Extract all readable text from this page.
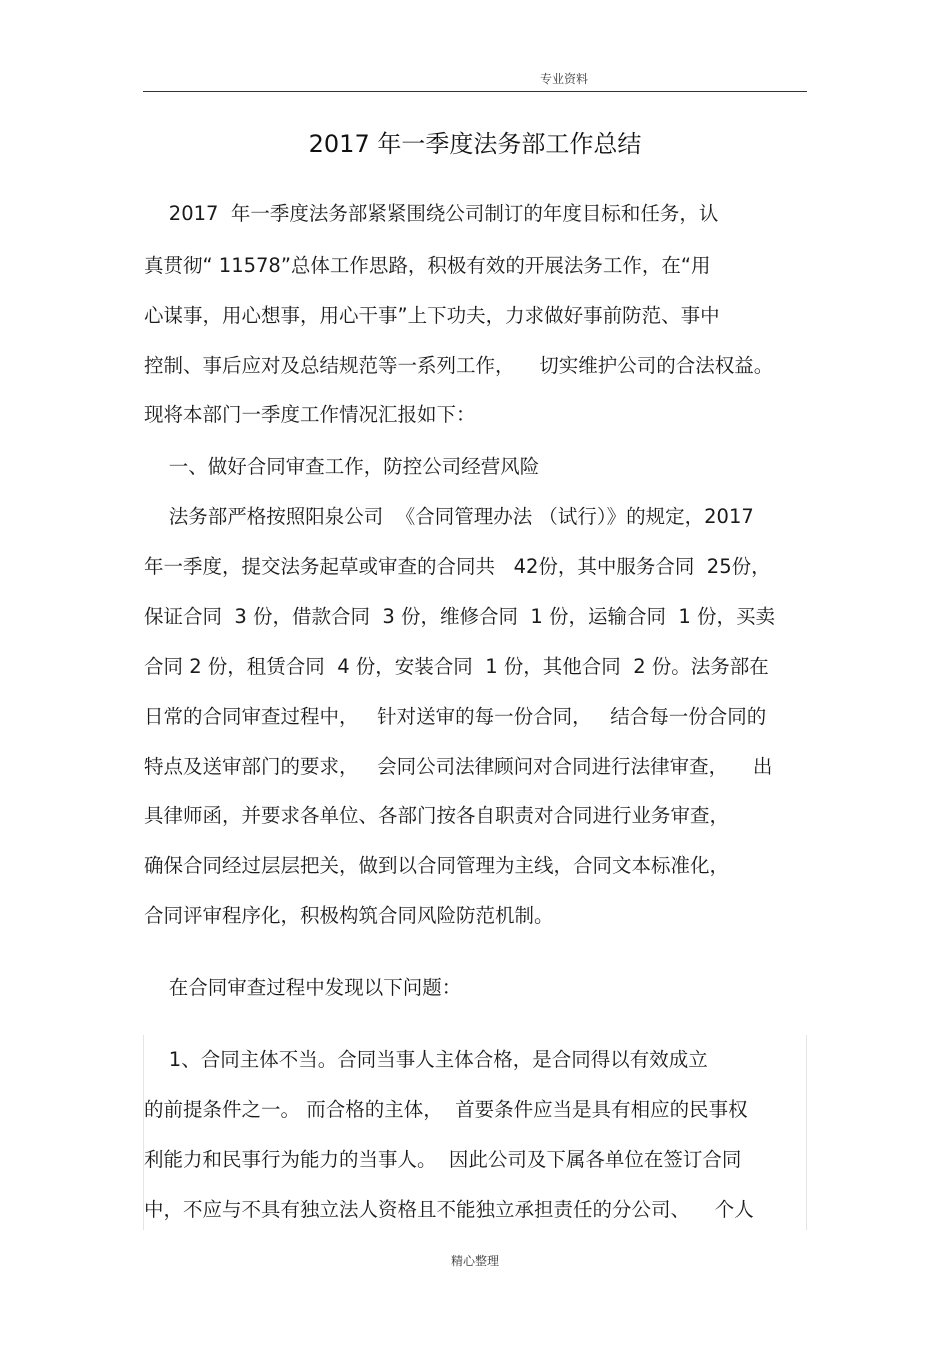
专业资料
2017 年一季度法务部工作总结
2017  年一季度法务部紧紧围绕公司制订的年度目标和任务，认
真贯彻“ 11578”总体工作思路，积极有效的开展法务工作，在“用
心谋事，用心想事，用心干事”上下功夫，力求做好事前防范、事中
控制、事后应对及总结规范等一系列工作，    切实维护公司的合法权益。
现将本部门一季度工作情况汇报如下：
一、做好合同审查工作，防控公司经营风险
法务部严格按照阳泉公司  《合同管理办法 （试行）》的规定，2017
年一季度，提交法务起草或审查的合同共   42份，其中服务合同  25份，
保证合同  3 份，借款合同  3 份，维修合同  1 份，运输合同  1 份，买卖
合同 2 份，租赁合同  4 份，安装合同  1 份，其他合同  2 份。法务部在
日常的合同审查过程中，   针对送审的每一份合同，   结合每一份合同的
特点及送审部门的要求，   会同公司法律顾问对合同进行法律审查，    出
具律师函，并要求各单位、各部门按各自职责对合同进行业务审查，
确保合同经过层层把关，做到以合同管理为主线，合同文本标准化，
合同评审程序化，积极构筑合同风险防范机制。
在合同审查过程中发现以下问题：
1、合同主体不当。合同当事人主体合格，是合同得以有效成立
的前提条件之一。 而合格的主体，  首要条件应当是具有相应的民事权
利能力和民事行为能力的当事人。  因此公司及下属各单位在签订合同
中，不应与不具有独立法人资格且不能独立承担责任的分公司、    个人
精心整理
